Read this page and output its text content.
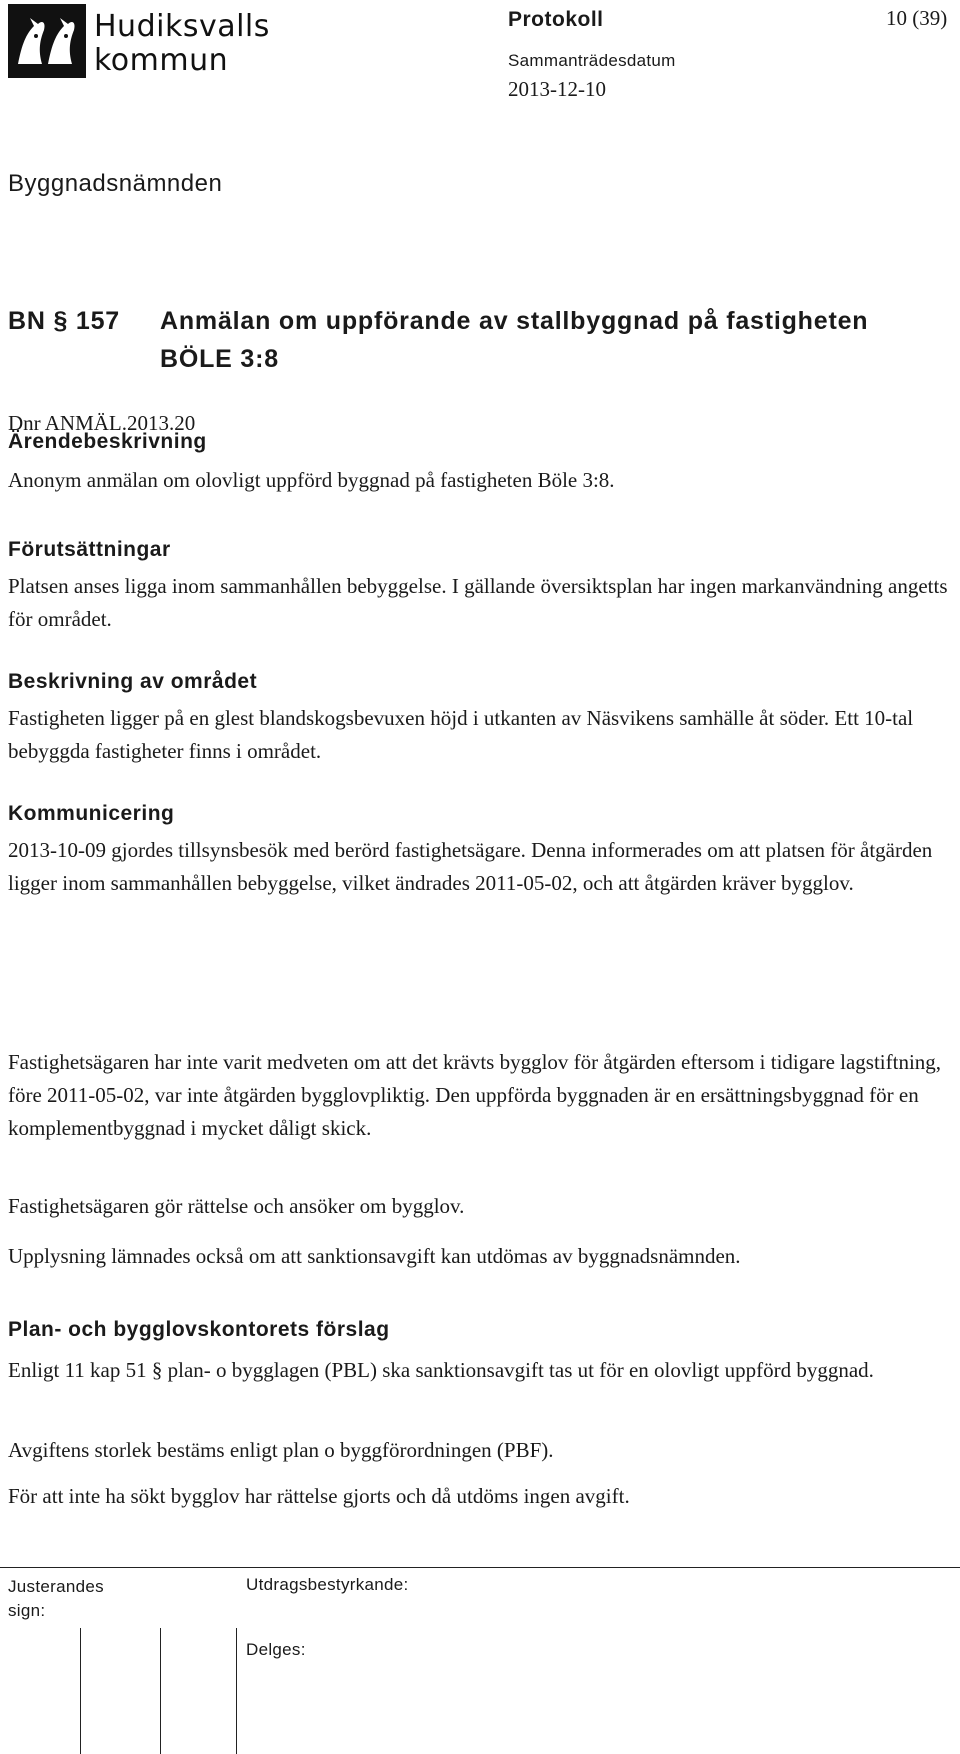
Hudiksvalls
kommun
Protokoll	10 (39)
Sammanträdesdatum
2013-12-10
Byggnadsnämnden
BN § 157 Anmälan om uppförande av stallbyggnad på fastigheten BÖLE 3:8
Dnr ANMÄL.2013.20
Ärendebeskrivning
Anonym anmälan om olovligt uppförd byggnad på fastigheten Böle 3:8.
Förutsättningar
Platsen anses ligga inom sammanhållen bebyggelse. I gällande översiktsplan har ingen markanvändning angetts för området.
Beskrivning av området
Fastigheten ligger på en glest blandskogsbevuxen höjd i utkanten av Näsvikens samhälle åt söder. Ett 10-tal bebyggda fastigheter finns i området.
Kommunicering
2013-10-09 gjordes tillsynsbesök med berörd fastighetsägare. Denna informerades om att platsen för åtgärden ligger inom sammanhållen bebyggelse, vilket ändrades 2011-05-02, och att åtgärden kräver bygglov.
Fastighetsägaren har inte varit medveten om att det krävts bygglov för åtgärden eftersom i tidigare lagstiftning, före 2011-05-02, var inte åtgärden bygglovpliktig. Den uppförda byggnaden är en ersättningsbyggnad för en komplementbyggnad i mycket dåligt skick.
Fastighetsägaren gör rättelse och ansöker om bygglov.
Upplysning lämnades också om att sanktionsavgift kan utdömas av byggnadsnämnden.
Plan- och bygglovskontorets förslag
Enligt 11 kap 51 § plan- o bygglagen (PBL) ska sanktionsavgift tas ut för en olovligt uppförd byggnad.
Avgiftens storlek bestäms enligt plan o byggförordningen (PBF).
För att inte ha sökt bygglov har rättelse gjorts och då utdöms ingen avgift.
Justerandes sign:
Utdragsbestyrkande:
Delges:
